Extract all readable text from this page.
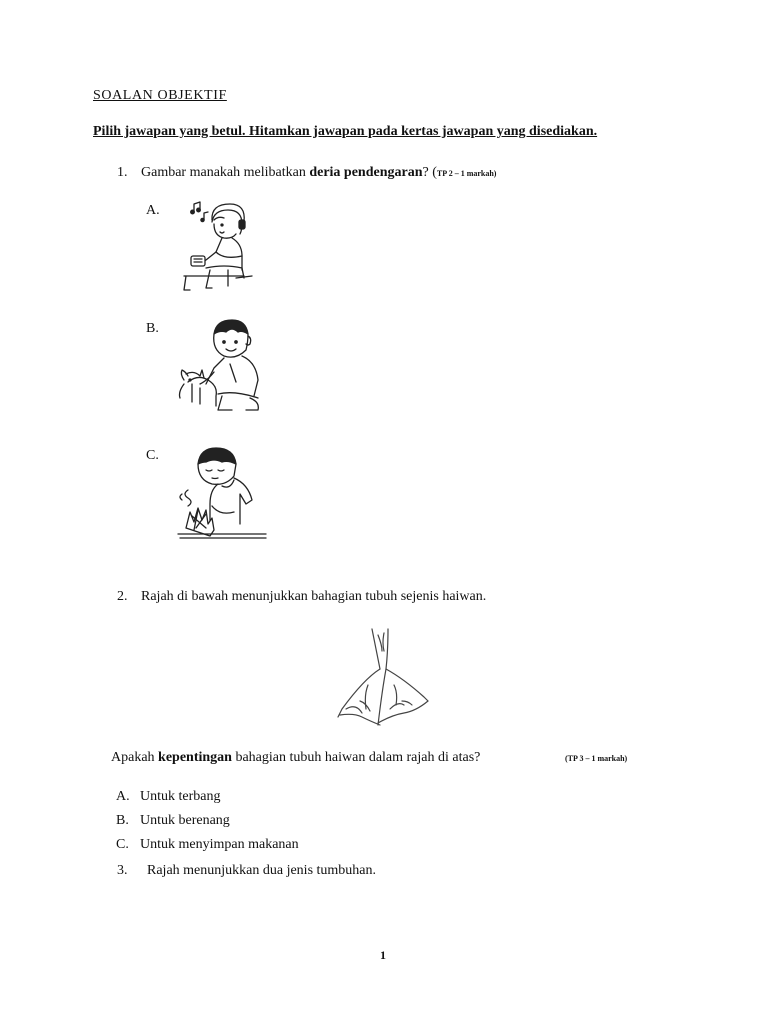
SOALAN OBJEKTIF
Pilih jawapan yang betul. Hitamkan jawapan pada kertas jawapan yang disediakan.
1. Gambar manakah melibatkan deria pendengaran? (TP 2 – 1 markah)
A.
B.
C.
2. Rajah di bawah menunjukkan bahagian tubuh sejenis haiwan.
Apakah kepentingan bahagian tubuh haiwan dalam rajah di atas?	(TP 3 – 1 markah)
A. Untuk terbang
B. Untuk berenang
C. Untuk menyimpan makanan
3. Rajah menunjukkan dua jenis tumbuhan.
1
